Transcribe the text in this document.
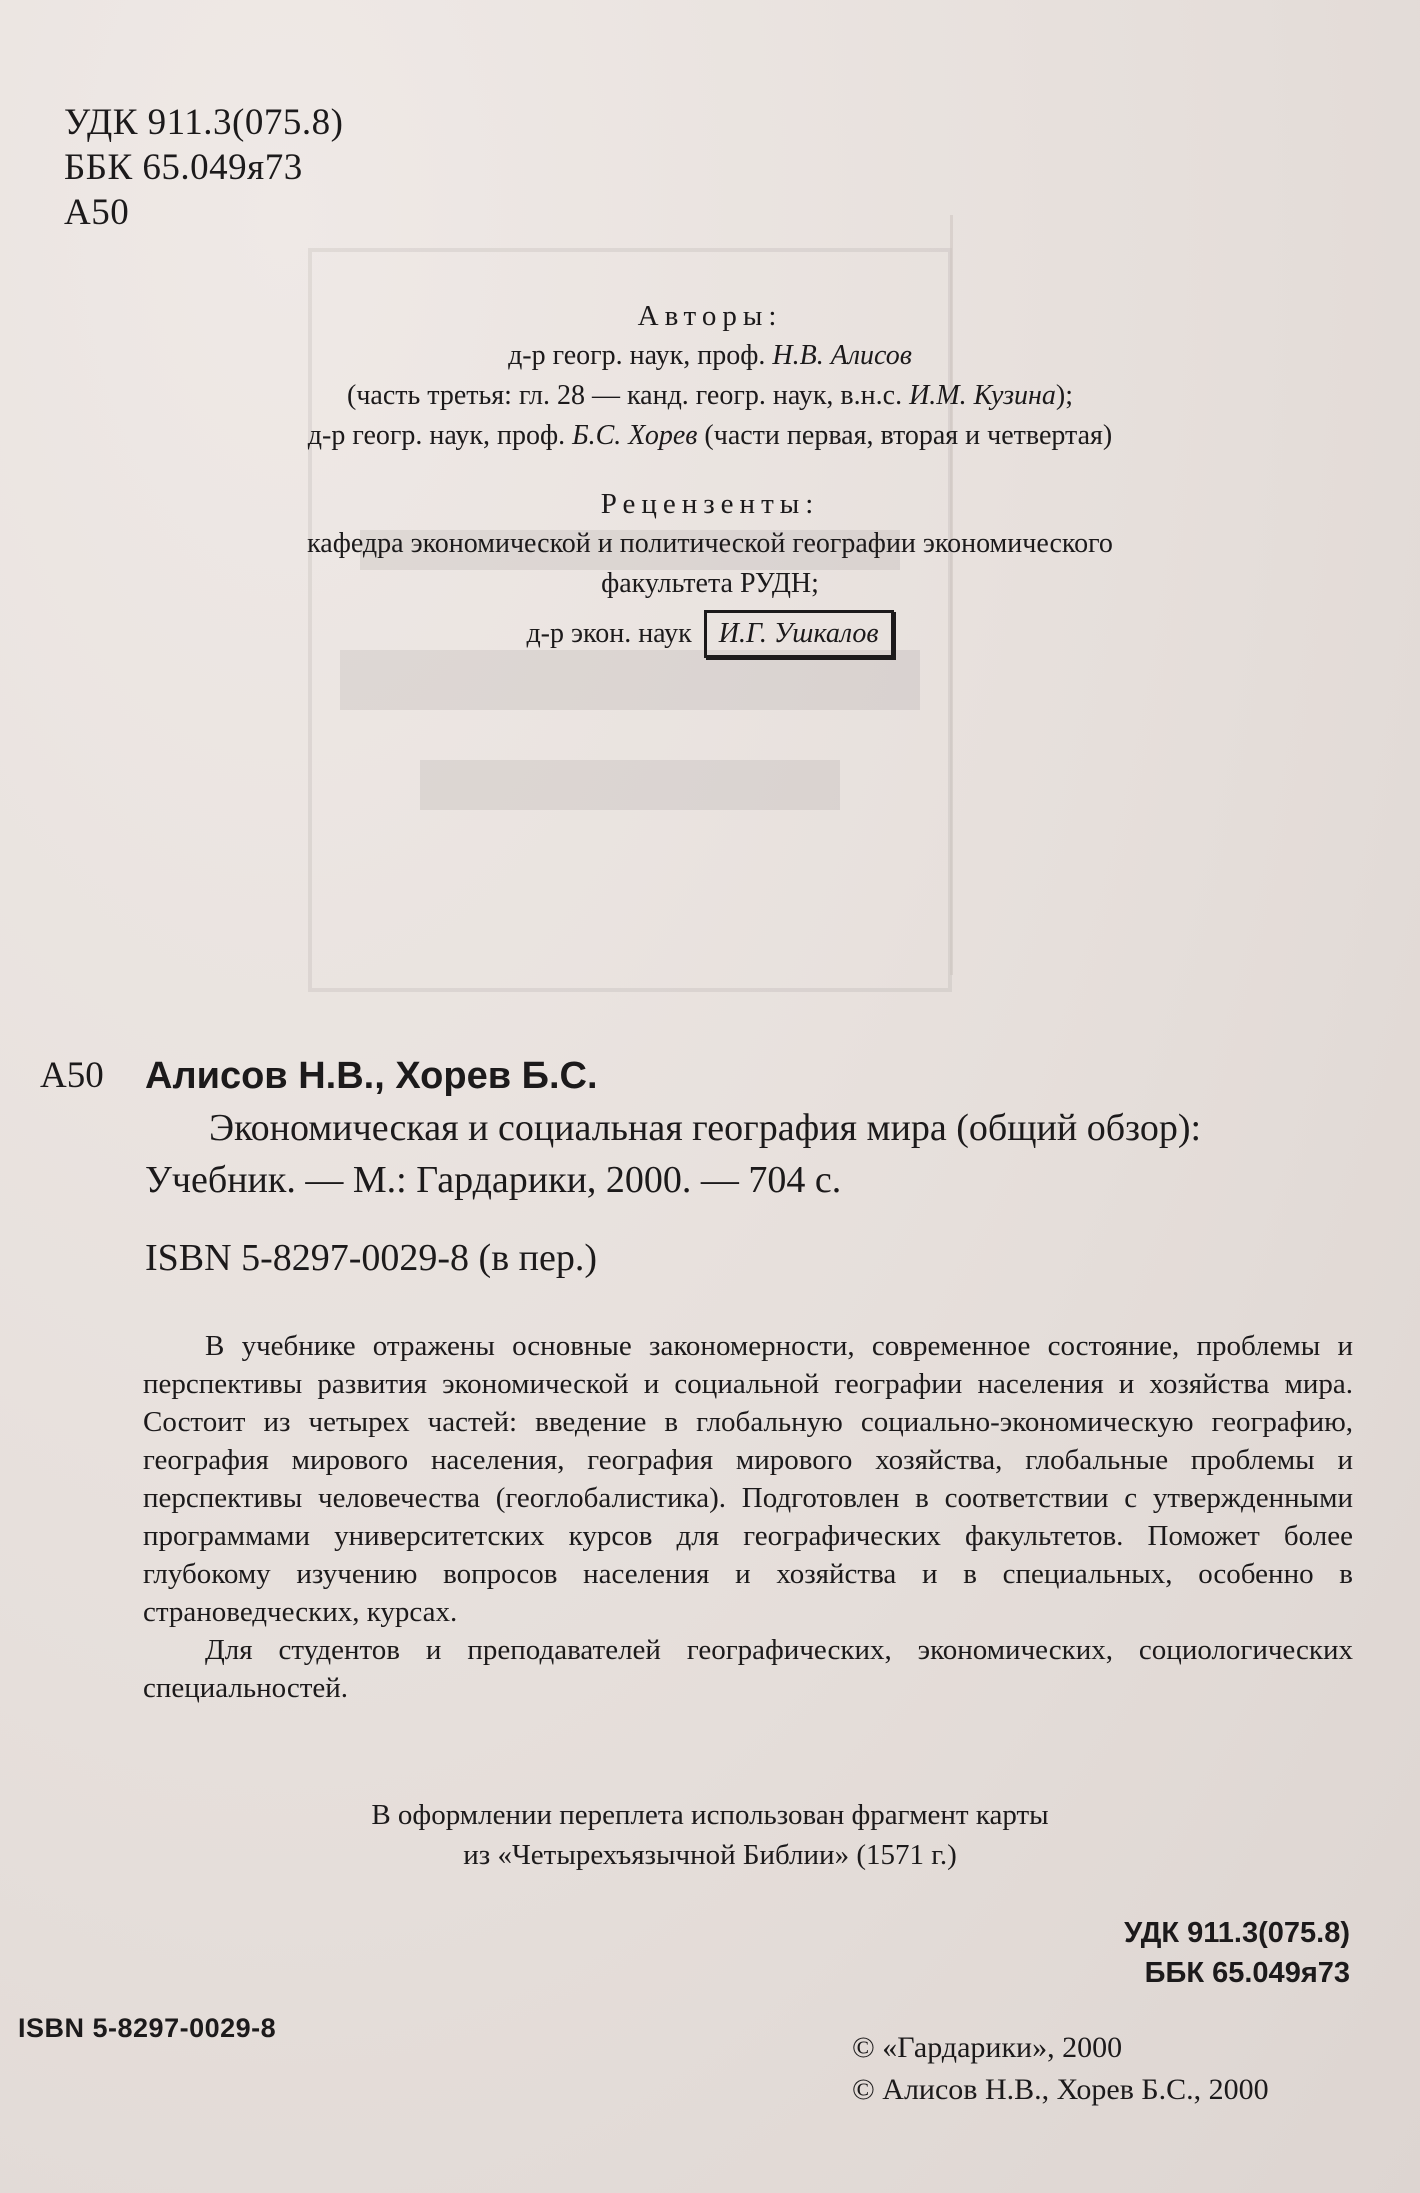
УДК 911.3(075.8)
ББК 65.049я73
А50
Авторы:
д-р геогр. наук, проф. Н.В. Алисов
(часть третья: гл. 28 — канд. геогр. наук, в.н.с. И.М. Кузина);
д-р геогр. наук, проф. Б.С. Хорев (части первая, вторая и четвертая)
Рецензенты:
кафедра экономической и политической географии экономического
факультета РУДН;
д-р экон. наук И.Г. Ушкалов
А50 Алисов Н.В., Хорев Б.С.
Экономическая и социальная география мира (общий обзор):
Учебник. — М.: Гардарики, 2000. — 704 с.
ISBN 5-8297-0029-8 (в пер.)

В учебнике отражены основные закономерности, современное состояние, проблемы и перспективы развития экономической и социальной географии населения и хозяйства мира. Состоит из четырех частей: введение в глобальную социально-экономическую географию, география мирового населения, география мирового хозяйства, глобальные проблемы и перспективы человечества (геоглобалистика). Подготовлен в соответствии с утвержденными программами университетских курсов для географических факультетов. Поможет более глубокому изучению вопросов населения и хозяйства и в специальных, особенно в страноведческих, курсах.

Для студентов и преподавателей географических, экономических, социологических специальностей.

В оформлении переплета использован фрагмент карты
из «Четырехъязычной Библии» (1571 г.)
УДК 911.3(075.8)
ББК 65.049я73
ISBN 5-8297-0029-8
© «Гардарики», 2000
© Алисов Н.В., Хорев Б.С., 2000
